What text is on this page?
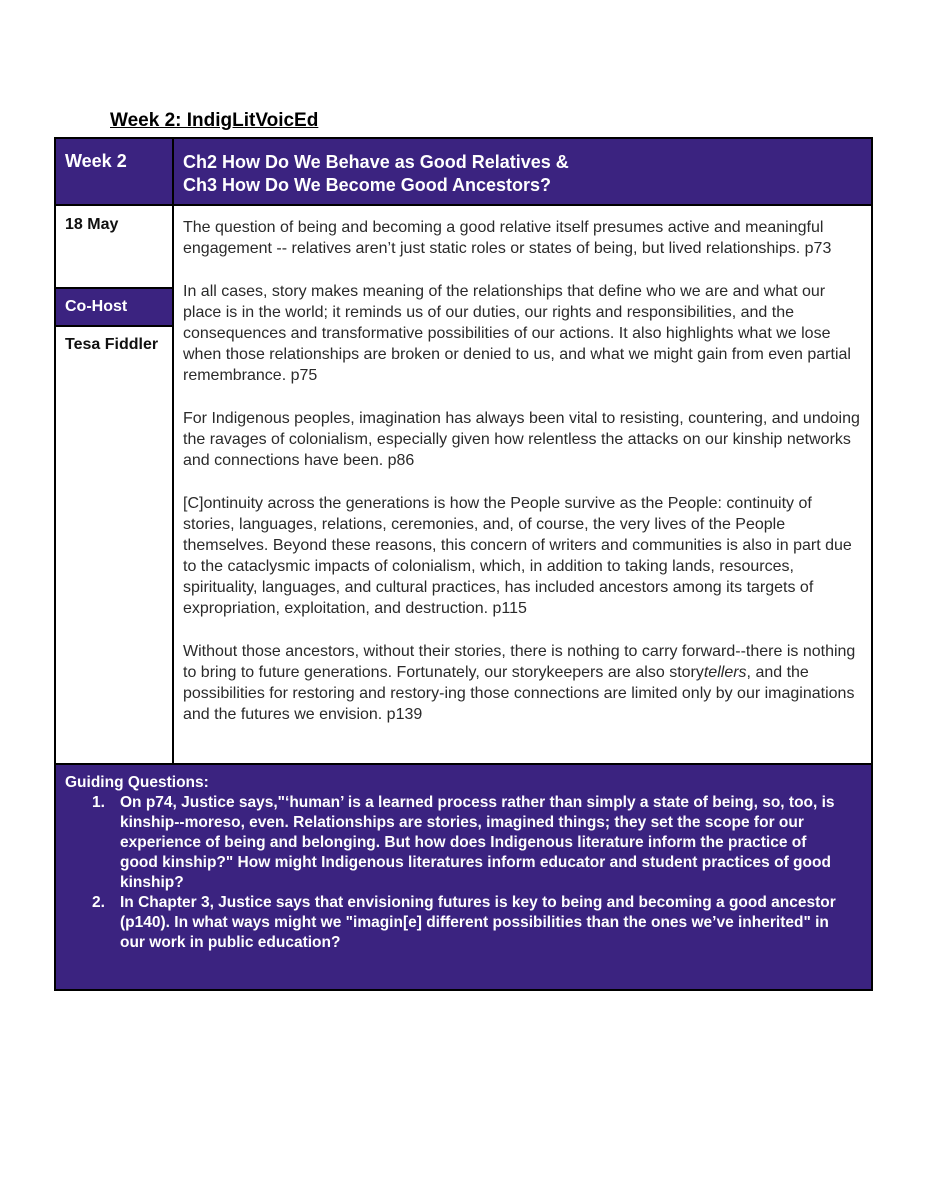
Week 2: IndigLitVoicEd
Week 2	Ch2 How Do We Behave as Good Relatives &
Ch3 How Do We Become Good Ancestors?
18 May
Co-Host
Tesa Fiddler

The question of being and becoming a good relative itself presumes active and meaningful engagement -- relatives aren’t just static roles or states of being, but lived relationships. p73

In all cases, story makes meaning of the relationships that define who we are and what our place is in the world; it reminds us of our duties, our rights and responsibilities, and the consequences and transformative possibilities of our actions. It also highlights what we lose when those relationships are broken or denied to us, and what we might gain from even partial remembrance. p75

For Indigenous peoples, imagination has always been vital to resisting, countering, and undoing the ravages of colonialism, especially given how relentless the attacks on our kinship networks and connections have been. p86

[C]ontinuity across the generations is how the People survive as the People: continuity of stories, languages, relations, ceremonies, and, of course, the very lives of the People themselves. Beyond these reasons, this concern of writers and communities is also in part due to the cataclysmic impacts of colonialism, which, in addition to taking lands, resources, spirituality, languages, and cultural practices, has included ancestors among its targets of expropriation, exploitation, and destruction. p115

Without those ancestors, without their stories, there is nothing to carry forward--there is nothing to bring to future generations. Fortunately, our storykeepers are also storytellers, and the possibilities for restoring and restory-ing those connections are limited only by our imaginations and the futures we envision. p139

Guiding Questions:
1. On p74, Justice says,"‘human’ is a learned process rather than simply a state of being, so, too, is kinship--moreso, even. Relationships are stories, imagined things; they set the scope for our experience of being and belonging. But how does Indigenous literature inform the practice of good kinship?" How might Indigenous literatures inform educator and student practices of good kinship?
2. In Chapter 3, Justice says that envisioning futures is key to being and becoming a good ancestor (p140). In what ways might we "imagin[e] different possibilities than the ones we’ve inherited" in our work in public education?
